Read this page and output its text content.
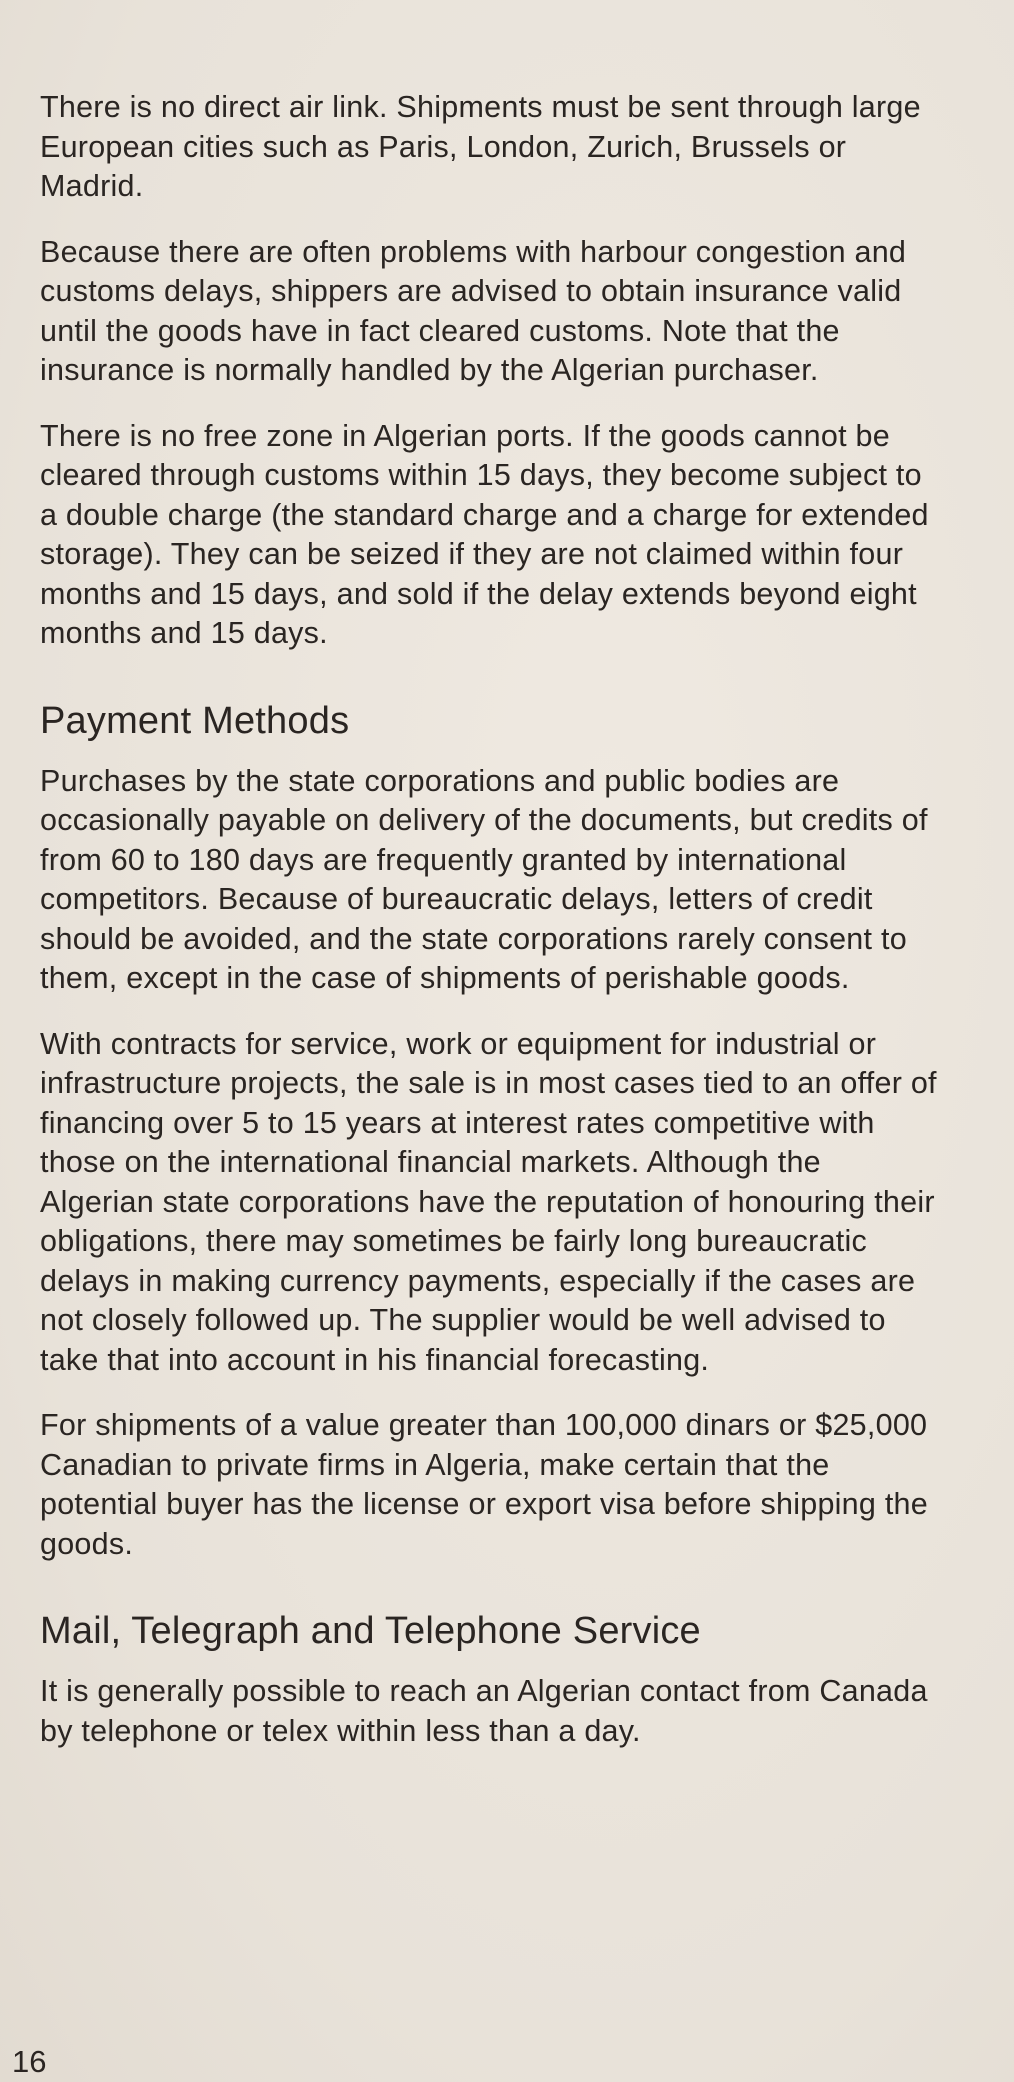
There is no direct air link. Shipments must be sent through large European cities such as Paris, London, Zurich, Brussels or Madrid.

Because there are often problems with harbour congestion and customs delays, shippers are advised to obtain insurance valid until the goods have in fact cleared customs. Note that the insurance is normally handled by the Algerian purchaser.

There is no free zone in Algerian ports. If the goods cannot be cleared through customs within 15 days, they become subject to a double charge (the standard charge and a charge for extended storage). They can be seized if they are not claimed within four months and 15 days, and sold if the delay extends beyond eight months and 15 days.

Payment Methods

Purchases by the state corporations and public bodies are occasionally payable on delivery of the documents, but credits of from 60 to 180 days are frequently granted by international competitors. Because of bureaucratic delays, letters of credit should be avoided, and the state corporations rarely consent to them, except in the case of shipments of perishable goods.

With contracts for service, work or equipment for industrial or infrastructure projects, the sale is in most cases tied to an offer of financing over 5 to 15 years at interest rates competitive with those on the international financial markets. Although the Algerian state corporations have the reputation of honouring their obligations, there may sometimes be fairly long bureaucratic delays in making currency payments, especially if the cases are not closely followed up. The supplier would be well advised to take that into account in his financial forecasting.

For shipments of a value greater than 100,000 dinars or $25,000 Canadian to private firms in Algeria, make certain that the potential buyer has the license or export visa before shipping the goods.

Mail, Telegraph and Telephone Service

It is generally possible to reach an Algerian contact from Canada by telephone or telex within less than a day.

16
